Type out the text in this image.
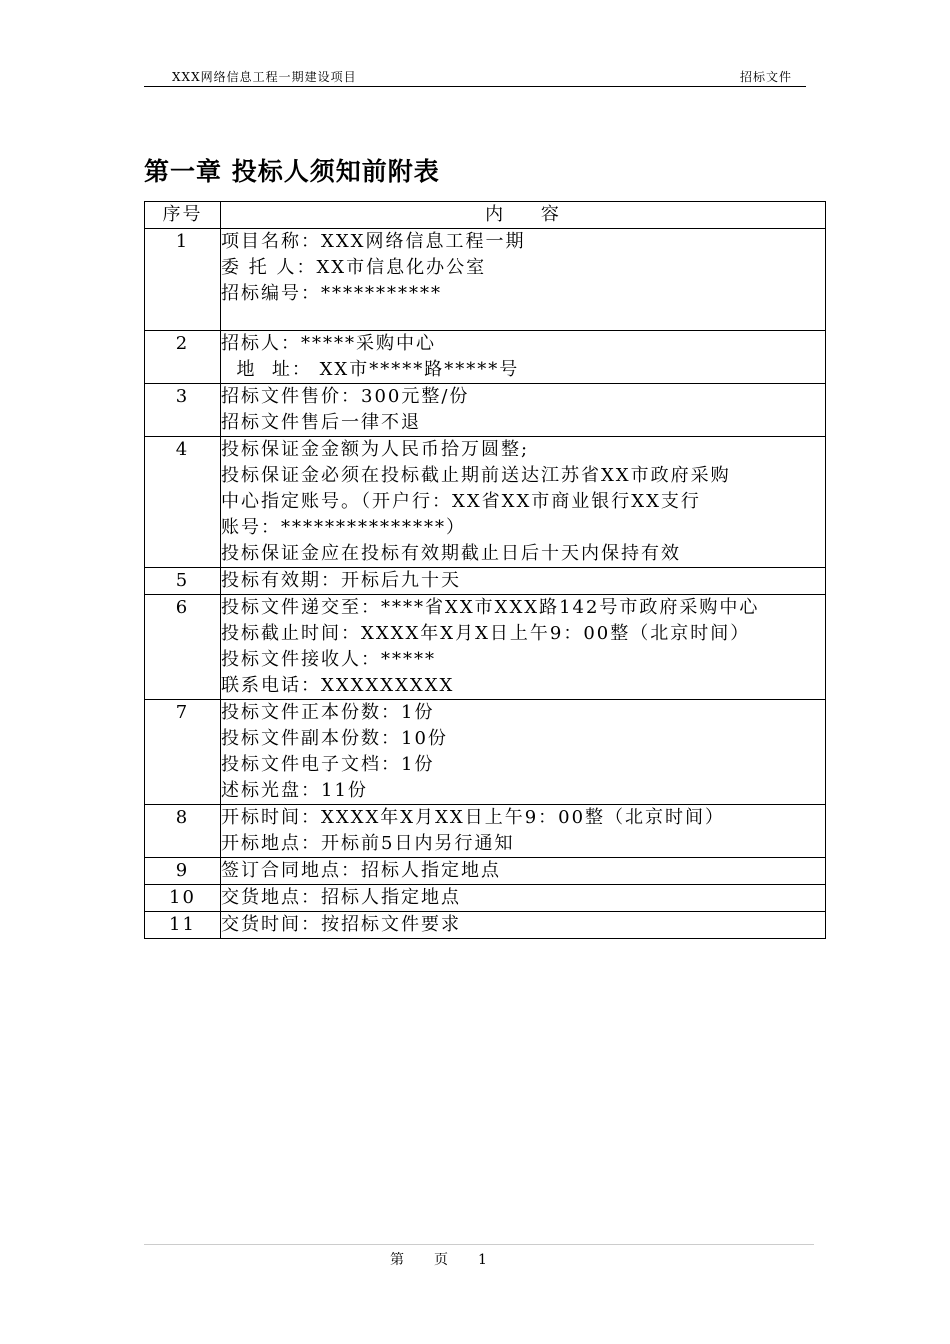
XXX网络信息工程一期建设项目	招标文件
第一章 投标人须知前附表
序号	内 容
1	项目名称：XXX网络信息工程一期
委 托 人：XX市信息化办公室
招标编号：***********

2	招标人：*****采购中心
地  址： XX市*****路*****号

3	招标文件售价：300元整/份
招标文件售后一律不退

4	投标保证金金额为人民币拾万圆整;
投标保证金必须在投标截止期前送达江苏省XX市政府采购
中心指定账号。（开户行：XX省XX市商业银行XX支行
账号：***************）
投标保证金应在投标有效期截止日后十天内保持有效

5	投标有效期：开标后九十天

6	投标文件递交至：****省XX市XXX路142号市政府采购中心
投标截止时间：XXXX年X月X日上午9：00整（北京时间）
投标文件接收人：*****
联系电话：XXXXXXXXX

7	投标文件正本份数：1份
投标文件副本份数：10份
投标文件电子文档：1份
述标光盘：11份

8	开标时间：XXXX年X月XX日上午9：00整（北京时间）
开标地点：开标前5日内另行通知

9	签订合同地点：招标人指定地点

10	交货地点：招标人指定地点

11	交货时间：按招标文件要求
第 页 1
